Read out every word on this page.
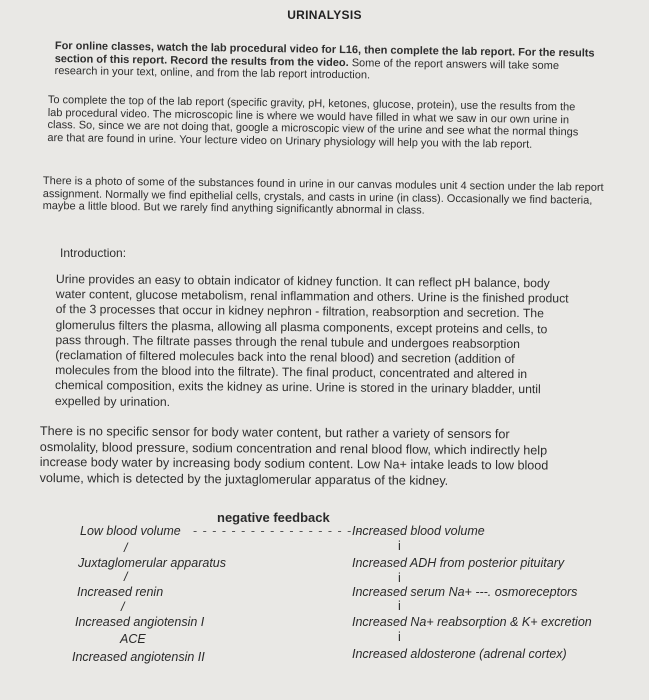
URINALYSIS
For online classes, watch the lab procedural video for L16, then complete the lab report. For the results section of this report. Record the results from the video. Some of the report answers will take some research in your text, online, and from the lab report introduction.
To complete the top of the lab report (specific gravity, pH, ketones, glucose, protein), use the results from the lab procedural video. The microscopic line is where we would have filled in what we saw in our own urine in class. So, since we are not doing that, google a microscopic view of the urine and see what the normal things are that are found in urine. Your lecture video on Urinary physiology will help you with the lab report.
There is a photo of some of the substances found in urine in our canvas modules unit 4 section under the lab report assignment. Normally we find epithelial cells, crystals, and casts in urine (in class). Occasionally we find bacteria, maybe a little blood. But we rarely find anything significantly abnormal in class.
Introduction:
Urine provides an easy to obtain indicator of kidney function. It can reflect pH balance, body water content, glucose metabolism, renal inflammation and others. Urine is the finished product of the 3 processes that occur in kidney nephron - filtration, reabsorption and secretion. The glomerulus filters the plasma, allowing all plasma components, except proteins and cells, to pass through. The filtrate passes through the renal tubule and undergoes reabsorption (reclamation of filtered molecules back into the renal blood) and secretion (addition of molecules from the blood into the filtrate). The final product, concentrated and altered in chemical composition, exits the kidney as urine. Urine is stored in the urinary bladder, until expelled by urination.
There is no specific sensor for body water content, but rather a variety of sensors for osmolality, blood pressure, sodium concentration and renal blood flow, which indirectly help increase body water by increasing body sodium content. Low Na+ intake leads to low blood volume, which is detected by the juxtaglomerular apparatus of the kidney.
negative feedback
Low blood volume - - - - - - - - - - - - - - - - - -
Increased blood volume
/	i
Juxtaglomerular apparatus	Increased ADH from posterior pituitary
/	i
Increased renin	Increased serum Na+ ---. osmoreceptors
/	i
Increased angiotensin I	Increased Na+ reabsorption & K+ excretion
ACE	i
Increased angiotensin II	Increased aldosterone (adrenal cortex)
